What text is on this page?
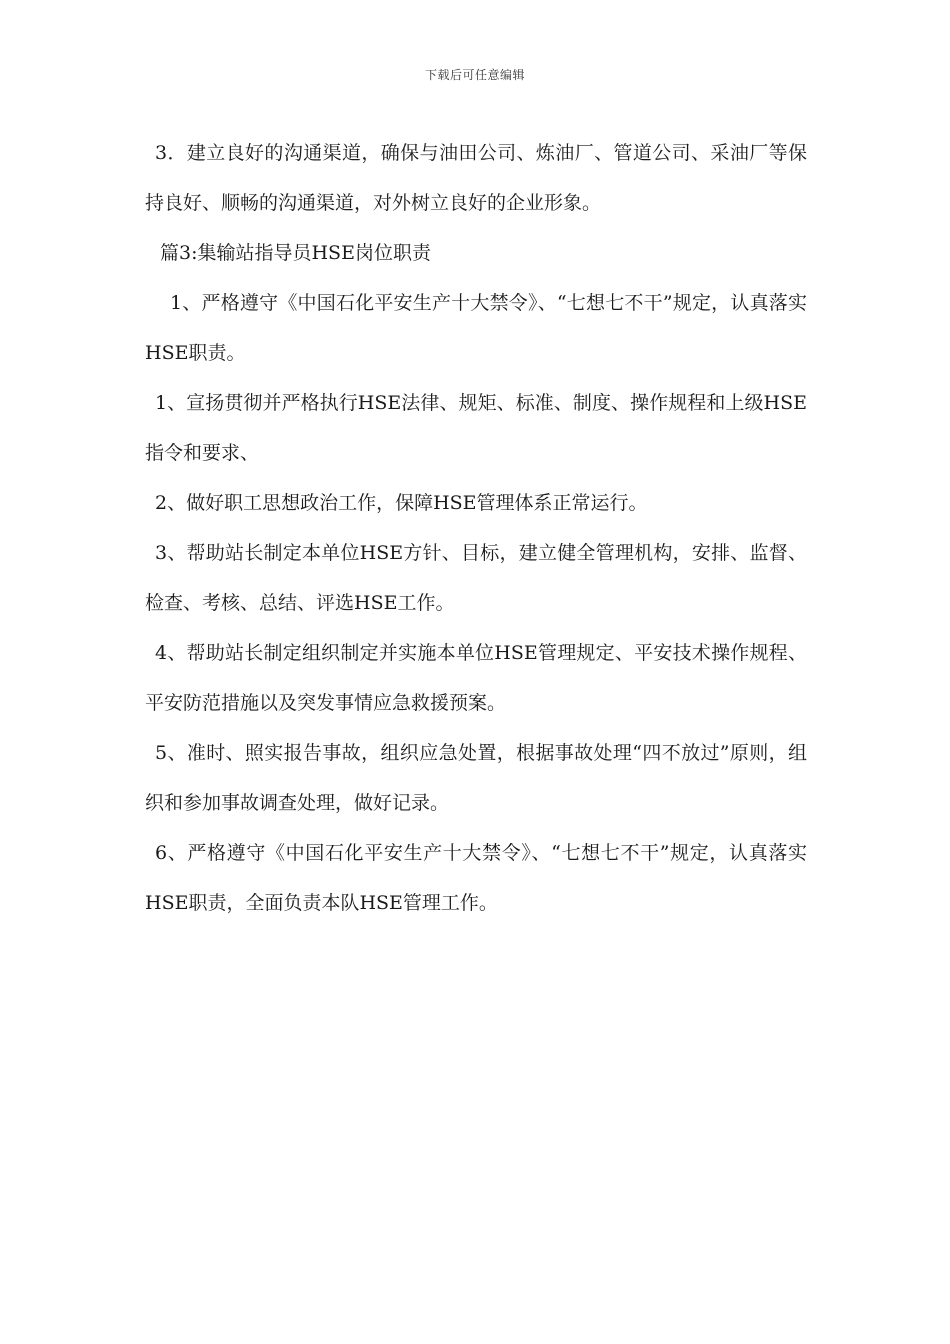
下载后可任意编辑

3．建立良好的沟通渠道，确保与油田公司、炼油厂、管道公司、采油厂等保持良好、顺畅的沟通渠道，对外树立良好的企业形象。

篇3:集输站指导员HSE岗位职责

1、严格遵守《中国石化平安生产十大禁令》、“七想七不干”规定，认真落实HSE职责。

1、宣扬贯彻并严格执行HSE法律、规矩、标准、制度、操作规程和上级HSE指令和要求、

2、做好职工思想政治工作，保障HSE管理体系正常运行。

3、帮助站长制定本单位HSE方针、目标，建立健全管理机构，安排、监督、检查、考核、总结、评选HSE工作。

4、帮助站长制定组织制定并实施本单位HSE管理规定、平安技术操作规程、平安防范措施以及突发事情应急救援预案。

5、准时、照实报告事故，组织应急处置，根据事故处理“四不放过”原则，组织和参加事故调查处理，做好记录。

6、严格遵守《中国石化平安生产十大禁令》、“七想七不干”规定，认真落实HSE职责，全面负责本队HSE管理工作。
